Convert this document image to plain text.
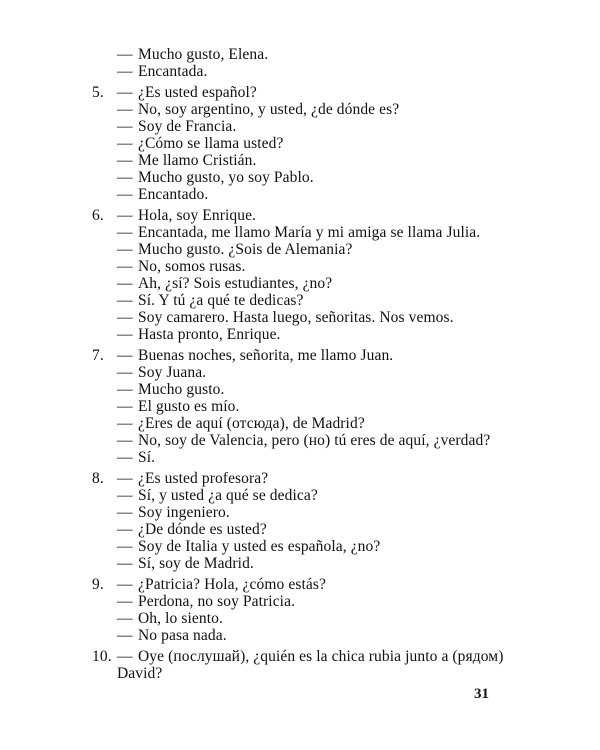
— Mucho gusto, Elena.
— Encantada.
5. — ¿Es usted español?
— No, soy argentino, y usted, ¿de dónde es?
— Soy de Francia.
— ¿Cómo se llama usted?
— Me llamo Cristián.
— Mucho gusto, yo soy Pablo.
— Encantado.
6. — Hola, soy Enrique.
— Encantada, me llamo María y mi amiga se llama Julia.
— Mucho gusto. ¿Sois de Alemania?
— No, somos rusas.
— Ah, ¿sí? Sois estudiantes, ¿no?
— Sí. Y tú ¿a qué te dedicas?
— Soy camarero. Hasta luego, señoritas. Nos vemos.
— Hasta pronto, Enrique.
7. — Buenas noches, señorita, me llamo Juan.
— Soy Juana.
— Mucho gusto.
— El gusto es mío.
— ¿Eres de aquí (отсюда), de Madrid?
— No, soy de Valencia, pero (но) tú eres de aquí, ¿verdad?
— Sí.
8. — ¿Es usted profesora?
— Sí, y usted ¿a qué se dedica?
— Soy ingeniero.
— ¿De dónde es usted?
— Soy de Italia y usted es española, ¿no?
— Sí, soy de Madrid.
9. — ¿Patricia? Hola, ¿cómo estás?
— Perdona, no soy Patricia.
— Oh, lo siento.
— No pasa nada.
10. — Oye (послушай), ¿quién es la chica rubia junto a (рядом)
David?
31
